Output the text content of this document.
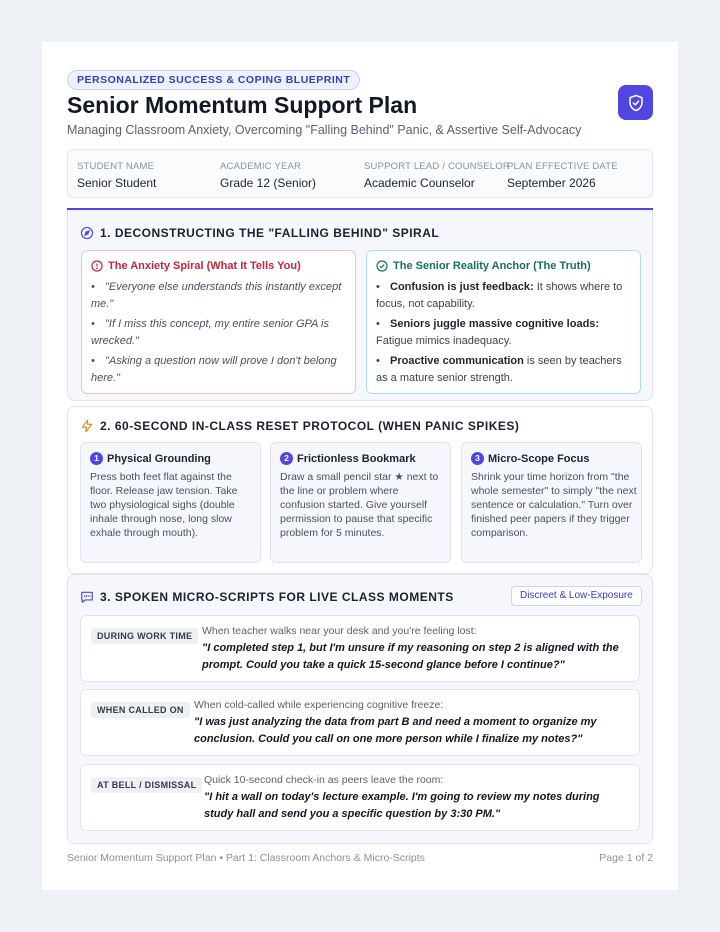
PERSONALIZED SUCCESS & COPING BLUEPRINT
Senior Momentum Support Plan
Managing Classroom Anxiety, Overcoming "Falling Behind" Panic, & Assertive Self-Advocacy
STUDENT NAME
Senior Student
ACADEMIC YEAR
Grade 12 (Senior)
SUPPORT LEAD / COUNSELOR
Academic Counselor
PLAN EFFECTIVE DATE
September 2026
1. DECONSTRUCTING THE "FALLING BEHIND" SPIRAL
The Anxiety Spiral (What It Tells You)
• "Everyone else understands this instantly except me."
• "If I miss this concept, my entire senior GPA is wrecked."
• "Asking a question now will prove I don't belong here."
The Senior Reality Anchor (The Truth)
• Confusion is just feedback: It shows where to focus, not capability.
• Seniors juggle massive cognitive loads: Fatigue mimics inadequacy.
• Proactive communication is seen by teachers as a mature senior strength.
2. 60-SECOND IN-CLASS RESET PROTOCOL (WHEN PANIC SPIKES)
1 Physical Grounding
Press both feet flat against the floor. Release jaw tension. Take two physiological sighs (double inhale through nose, long slow exhale through mouth).
2 Frictionless Bookmark
Draw a small pencil star ★ next to the line or problem where confusion started. Give yourself permission to pause that specific problem for 5 minutes.
3 Micro-Scope Focus
Shrink your time horizon from "the whole semester" to simply "the next sentence or calculation." Turn over finished peer papers if they trigger comparison.
3. SPOKEN MICRO-SCRIPTS FOR LIVE CLASS MOMENTS	Discreet & Low-Exposure
DURING WORK TIME When teacher walks near your desk and you're feeling lost:
"I completed step 1, but I'm unsure if my reasoning on step 2 is aligned with the prompt. Could you take a quick 15-second glance before I continue?"
WHEN CALLED ON When cold-called while experiencing cognitive freeze:
"I was just analyzing the data from part B and need a moment to organize my conclusion. Could you call on one more person while I finalize my notes?"
AT BELL / DISMISSAL Quick 10-second check-in as peers leave the room:
"I hit a wall on today's lecture example. I'm going to review my notes during study hall and send you a specific question by 3:30 PM."
Senior Momentum Support Plan • Part 1: Classroom Anchors & Micro-Scripts	Page 1 of 2
